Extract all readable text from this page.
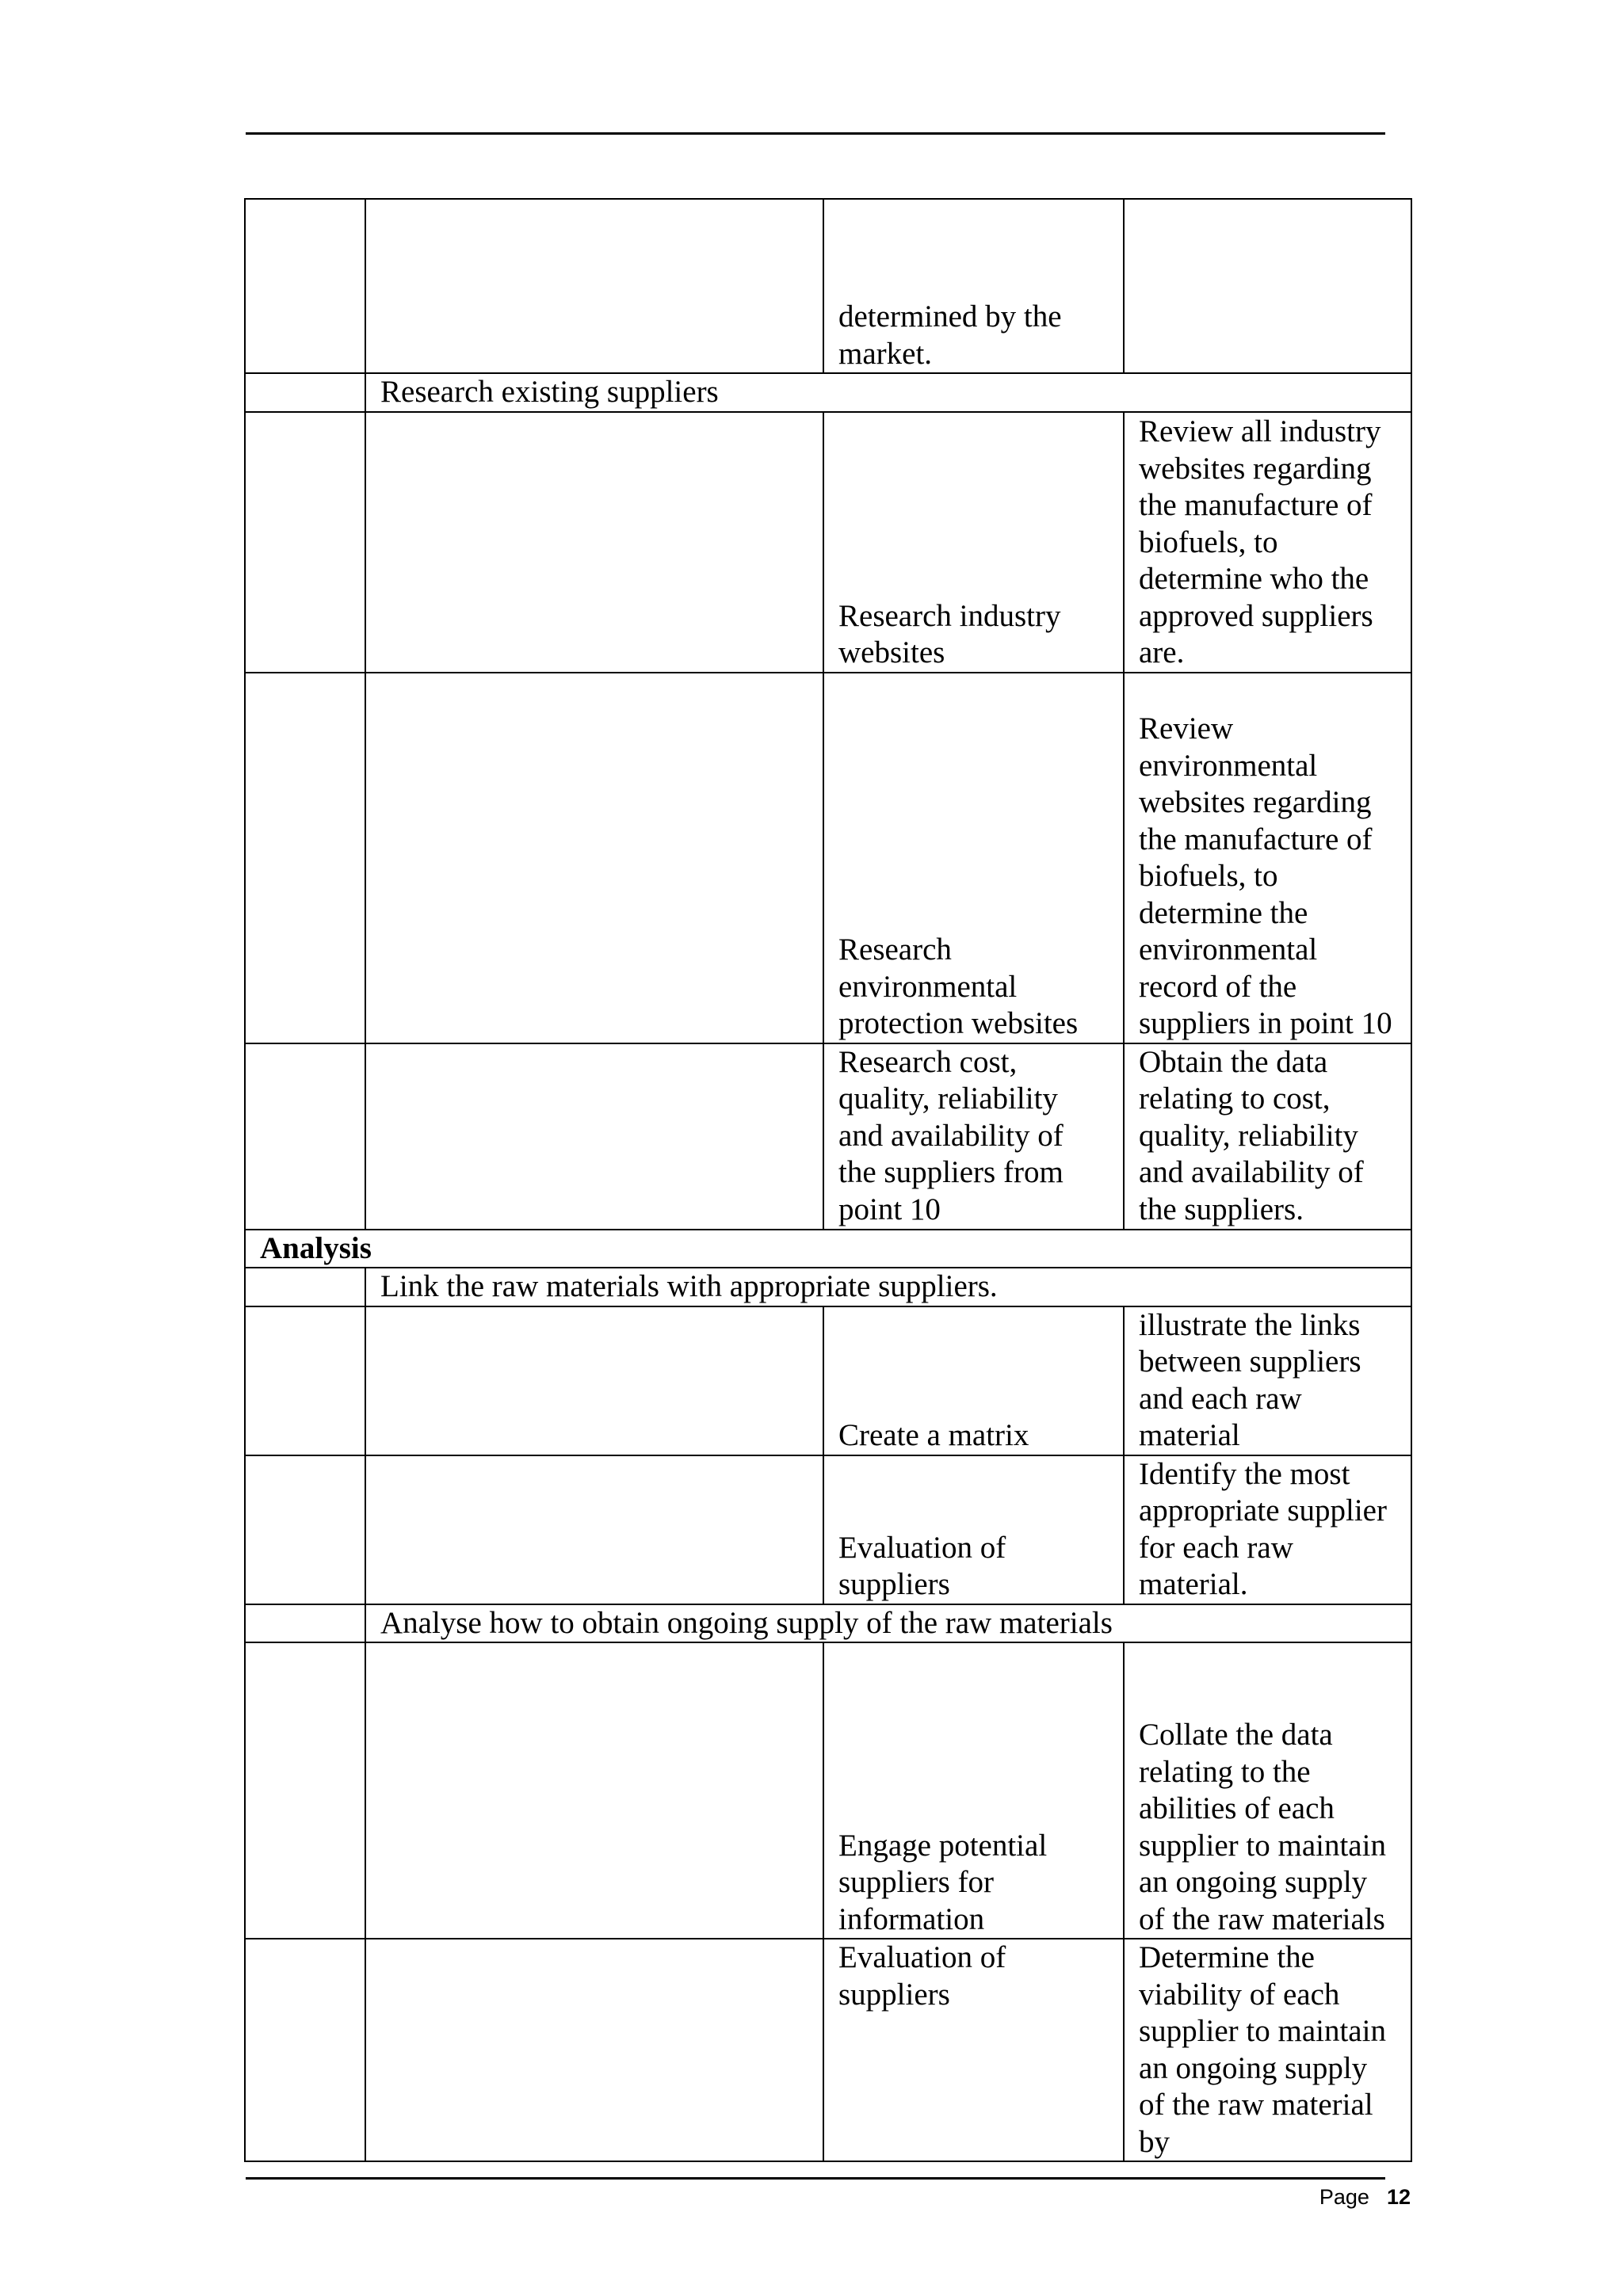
		determined by the market.	
	Research existing suppliers		
		Research industry websites	Review all industry websites regarding the manufacture of biofuels, to determine who the approved suppliers are.
		Research environmental protection websites	Review environmental websites regarding the manufacture of biofuels, to determine the environmental record of the suppliers in point 10
		Research cost, quality, reliability and availability of the suppliers from point 10	Obtain the data relating to cost, quality, reliability and availability of the suppliers.
Analysis			
	Link the raw materials with appropriate suppliers.		
		Create a matrix	illustrate the links between suppliers and each raw material
		Evaluation of suppliers	Identify the most appropriate supplier for each raw material.
	Analyse how to obtain ongoing supply of the raw materials		
		Engage potential suppliers for information	Collate the data relating to the abilities of each supplier to maintain an ongoing supply of the raw materials
		Evaluation of suppliers	Determine the viability of each supplier to maintain an ongoing supply of the raw material by
Page 12
